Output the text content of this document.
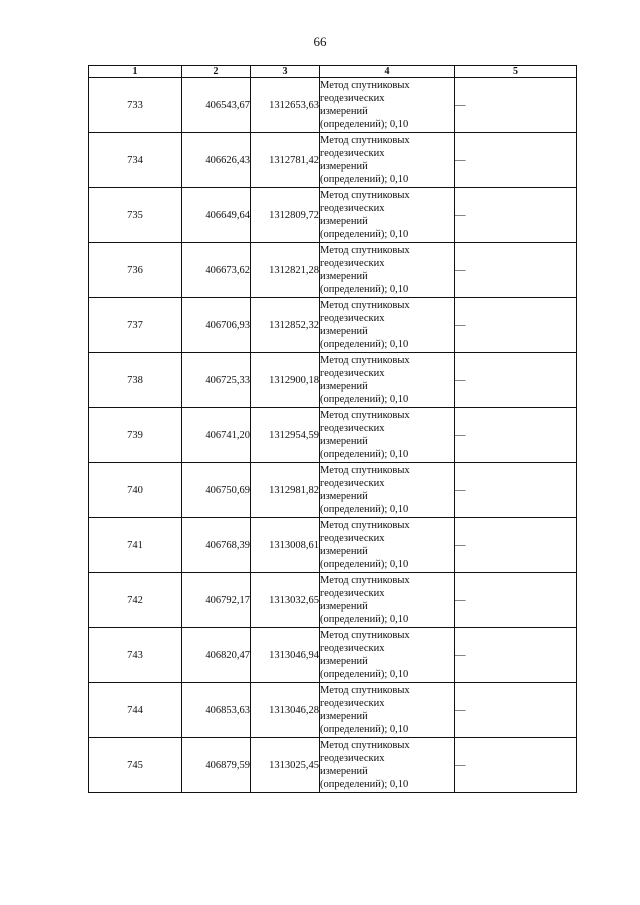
66
1	2	3	4	5
733	406543,67	1312653,63	Метод спутниковых
геодезических
измерений
(определений); 0,10	—
734	406626,43	1312781,42	Метод спутниковых
геодезических
измерений
(определений); 0,10	—
735	406649,64	1312809,72	Метод спутниковых
геодезических
измерений
(определений); 0,10	—
736	406673,62	1312821,28	Метод спутниковых
геодезических
измерений
(определений); 0,10	—
737	406706,93	1312852,32	Метод спутниковых
геодезических
измерений
(определений); 0,10	—
738	406725,33	1312900,18	Метод спутниковых
геодезических
измерений
(определений); 0,10	—
739	406741,20	1312954,59	Метод спутниковых
геодезических
измерений
(определений); 0,10	—
740	406750,69	1312981,82	Метод спутниковых
геодезических
измерений
(определений); 0,10	—
741	406768,39	1313008,61	Метод спутниковых
геодезических
измерений
(определений); 0,10	—
742	406792,17	1313032,65	Метод спутниковых
геодезических
измерений
(определений); 0,10	—
743	406820,47	1313046,94	Метод спутниковых
геодезических
измерений
(определений); 0,10	—
744	406853,63	1313046,28	Метод спутниковых
геодезических
измерений
(определений); 0,10	—
745	406879,59	1313025,45	Метод спутниковых
геодезических
измерений
(определений); 0,10	—
